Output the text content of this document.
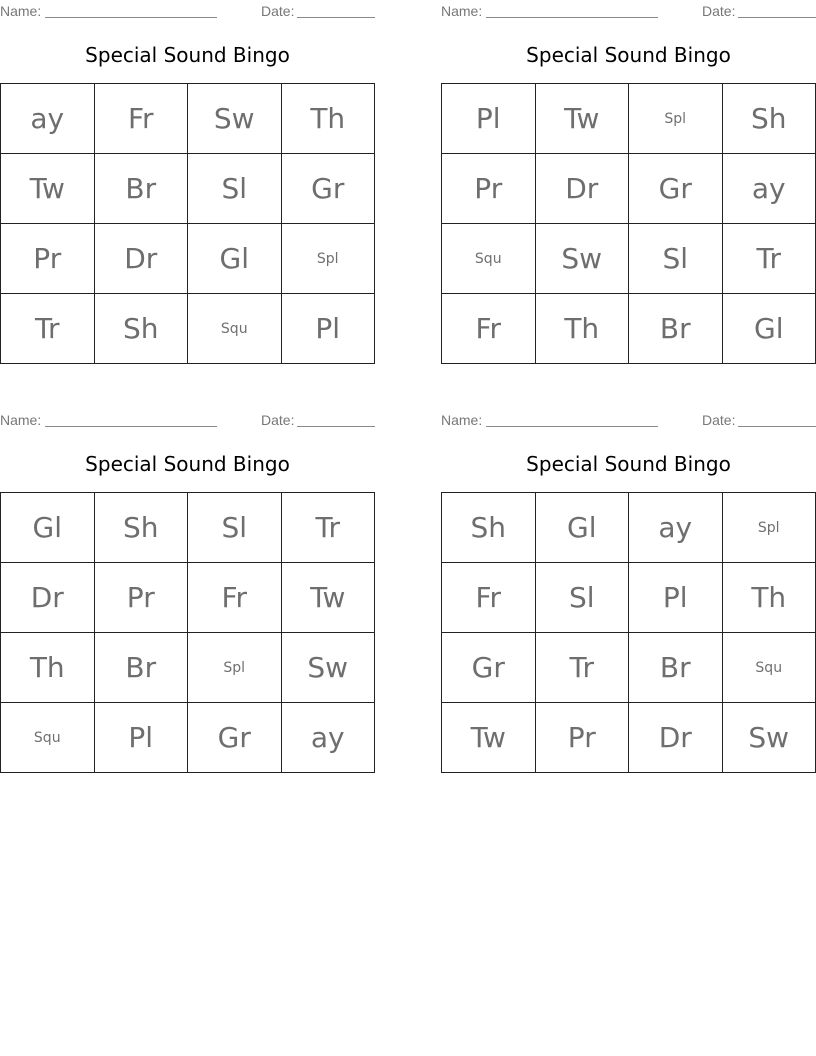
Name:	Date:
Special Sound Bingo
ay	Fr	Sw	Th
Tw	Br	Sl	Gr
Pr	Dr	Gl	Spl
Tr	Sh	Squ	Pl
Name:	Date:
Special Sound Bingo
Pl	Tw	Spl	Sh
Pr	Dr	Gr	ay
Squ	Sw	Sl	Tr
Fr	Th	Br	Gl
Name:	Date:
Special Sound Bingo
Gl	Sh	Sl	Tr
Dr	Pr	Fr	Tw
Th	Br	Spl	Sw
Squ	Pl	Gr	ay
Name:	Date:
Special Sound Bingo
Sh	Gl	ay	Spl
Fr	Sl	Pl	Th
Gr	Tr	Br	Squ
Tw	Pr	Dr	Sw
